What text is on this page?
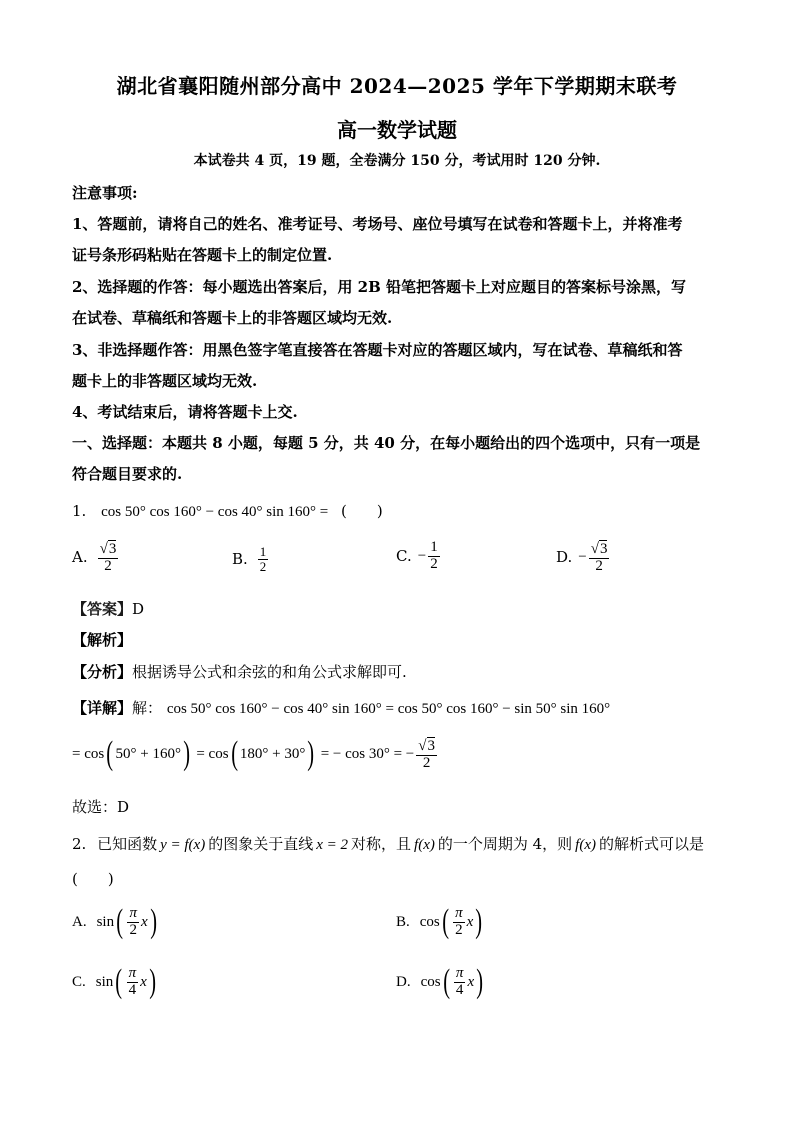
湖北省襄阳随州部分高中 2024—2025 学年下学期期末联考
高一数学试题
本试卷共 4 页，19 题，全卷满分 150 分，考试用时 120 分钟.
注意事项:
1、答题前，请将自己的姓名、准考证号、考场号、座位号填写在试卷和答题卡上，并将准考
证号条形码粘贴在答题卡上的制定位置.
2、选择题的作答：每小题选出答案后，用 2B 铅笔把答题卡上对应题目的答案标号涂黑，写
在试卷、草稿纸和答题卡上的非答题区域均无效.
3、非选择题作答：用黑色签字笔直接答在答题卡对应的答题区域内，写在试卷、草稿纸和答
题卡上的非答题区域均无效.
4、考试结束后，请将答题卡上交.
一、选择题：本题共 8 小题，每题 5 分，共 40 分，在每小题给出的四个选项中，只有一项是
符合题目要求的.
1. cos 50° cos 160° − cos 40° sin 160° = (　　)
A. $\frac{√ 3}{2}$	B. $\frac{1}{2}$	C. − $\frac{1}{2}$	D. − $\frac{√ 3}{2}$
【答案】D
【解析】
【分析】根据诱导公式和余弦的和角公式求解即可.
【详解】解： cos 50° cos 160° − cos 40° sin 160° = cos 50° cos 160° − sin 50° sin 160°
= cos ( 50° + 160° ) = cos ( 180° + 30° ) = − cos 30° = − $\frac{√ 3}{2}$
故选：D
2. 已知函数 y = f(x) 的图象关于直线 x = 2 对称，且 f(x) 的一个周期为 4，则 f(x) 的解析式可以是
(　　)
A. sin ( $\frac{\pi}{2}$ x )	B. cos ( $\frac{\pi}{2}$ x )
C. sin ( $\frac{\pi}{4}$ x )	D. cos ( $\frac{\pi}{4}$ x )
